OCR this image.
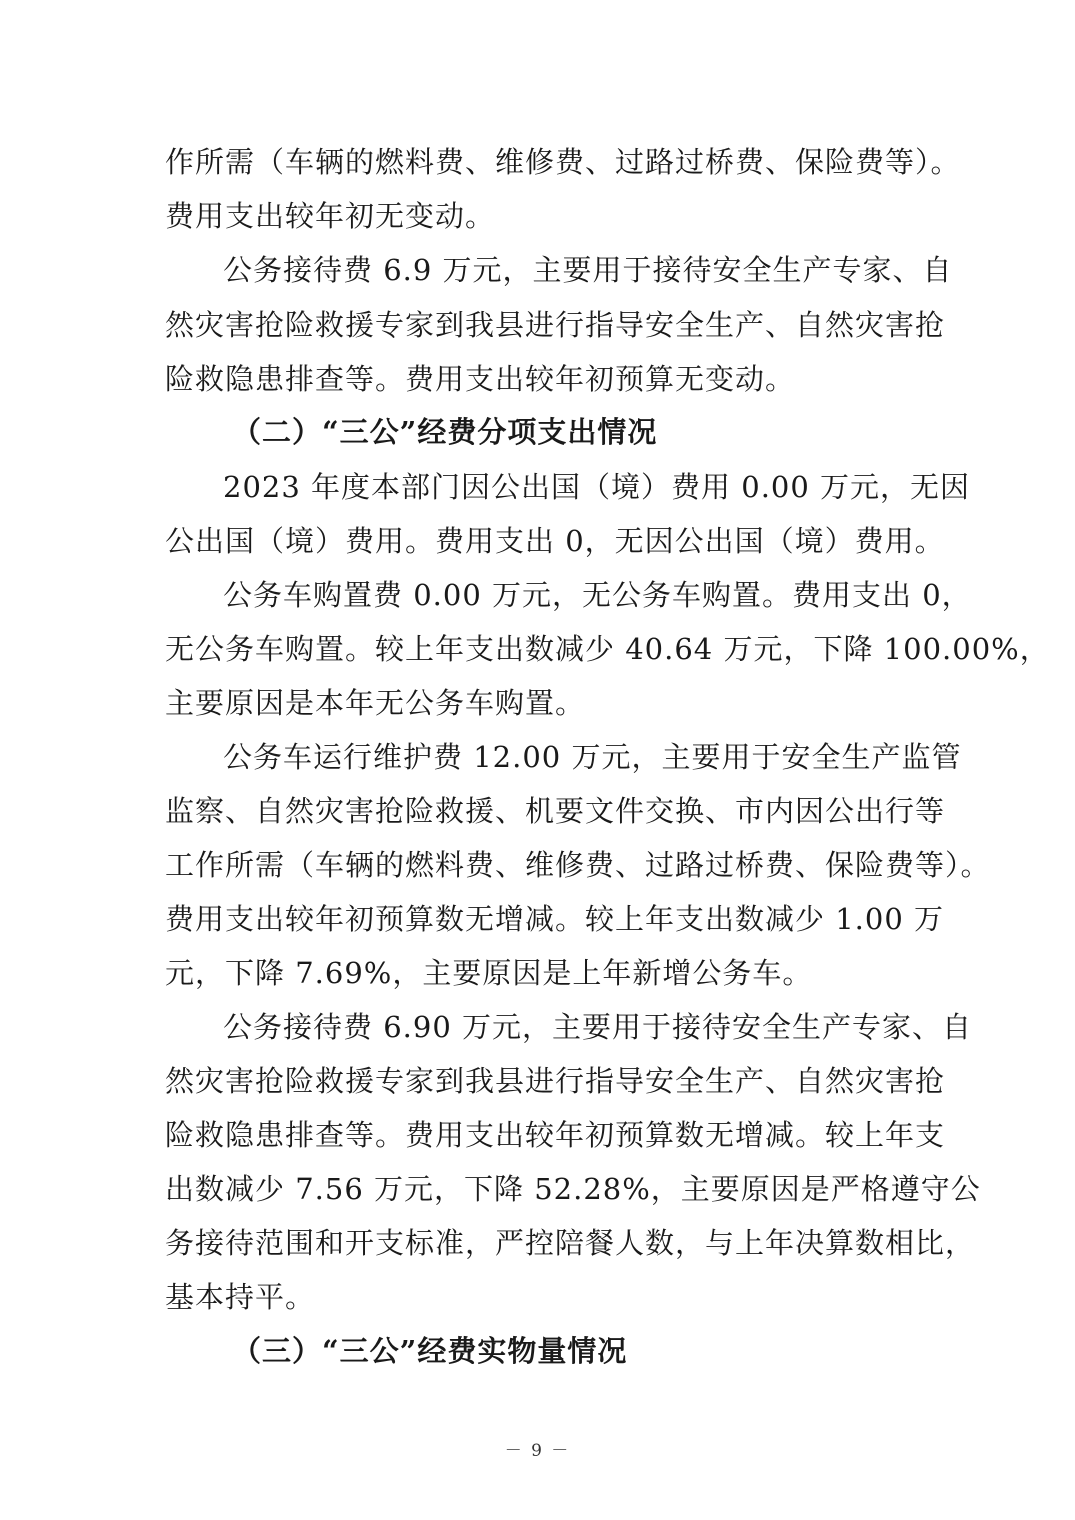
作所需（车辆的燃料费、维修费、过路过桥费、保险费等）。
费用支出较年初无变动。
公务接待费 6.9 万元，主要用于接待安全生产专家、自
然灾害抢险救援专家到我县进行指导安全生产、自然灾害抢
险救隐患排查等。费用支出较年初预算无变动。
（二）“三公”经费分项支出情况
2023 年度本部门因公出国（境）费用 0.00 万元，无因
公出国（境）费用。费用支出 0，无因公出国（境）费用。
公务车购置费 0.00 万元，无公务车购置。费用支出 0，
无公务车购置。较上年支出数减少 40.64 万元，下降 100.00%，
主要原因是本年无公务车购置。
公务车运行维护费 12.00 万元，主要用于安全生产监管
监察、自然灾害抢险救援、机要文件交换、市内因公出行等
工作所需（车辆的燃料费、维修费、过路过桥费、保险费等）。
费用支出较年初预算数无增减。较上年支出数减少 1.00 万
元，下降 7.69%，主要原因是上年新增公务车。
公务接待费 6.90 万元，主要用于接待安全生产专家、自
然灾害抢险救援专家到我县进行指导安全生产、自然灾害抢
险救隐患排查等。费用支出较年初预算数无增减。较上年支
出数减少 7.56 万元，下降 52.28%，主要原因是严格遵守公
务接待范围和开支标准，严控陪餐人数，与上年决算数相比，
基本持平。
（三）“三公”经费实物量情况
－ 9 －
